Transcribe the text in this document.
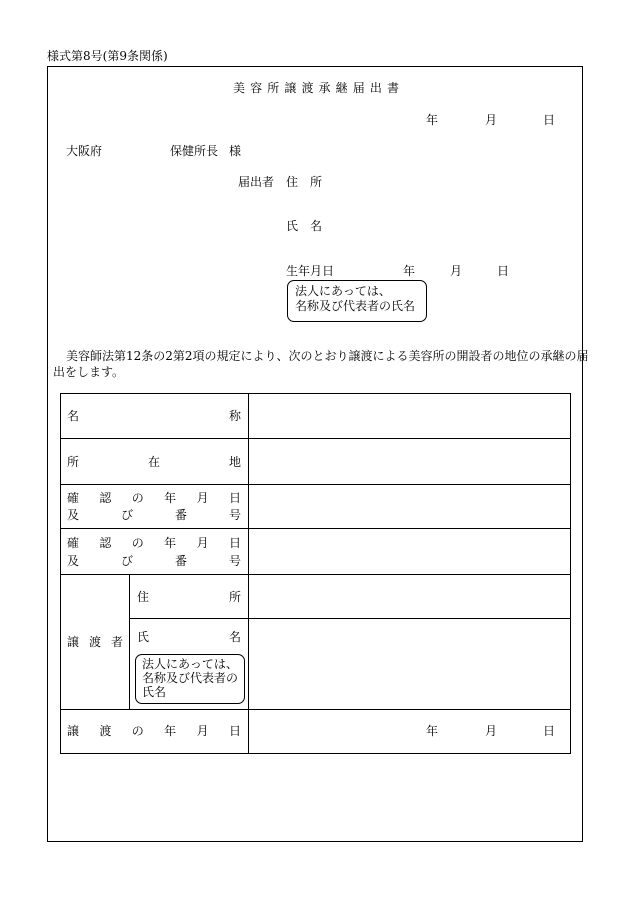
様式第8号(第9条関係)
美 容 所 譲 渡 承 継 届 出 書
年	月	日
大阪府	保健所長 様
届出者 住 所
氏 名
生年月日	年	月	日
法人にあっては、
名称及び代表者の氏名
美容師法第12条の2第2項の規定により、次のとおり譲渡による美容所の開設者の地位の承継の届
出をします。
名	称
所	在	地
確 認 の 年 月 日
及	び	番	号
確 認 の 年 月 日
及	び	番	号
譲 渡 者
住	所
氏	名
法人にあっては、
名称及び代表者の
氏名
譲 渡 の 年 月 日	年	月	日
